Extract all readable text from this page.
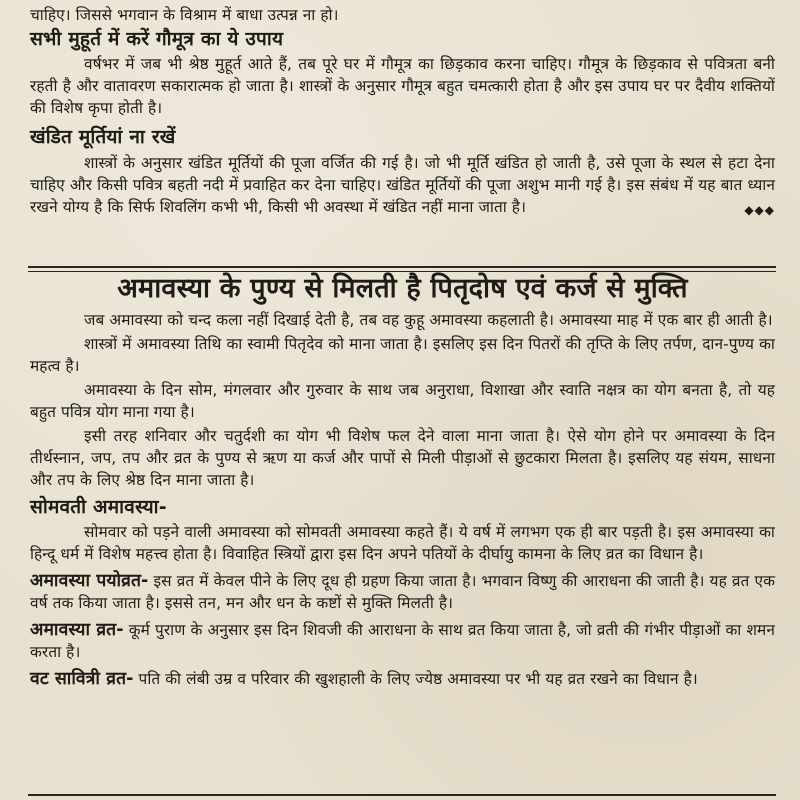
चाहिए। जिससे भगवान के विश्राम में बाधा उत्पन्न ना हो।

सभी मुहूर्त में करें गौमूत्र का ये उपाय

वर्षभर में जब भी श्रेष्ठ मुहूर्त आते हैं, तब पूरे घर में गौमूत्र का छिड़काव करना चाहिए। गौमूत्र के छिड़काव से पवित्रता बनी रहती है और वातावरण सकारात्मक हो जाता है। शास्त्रों के अनुसार गौमूत्र बहुत चमत्कारी होता है और इस उपाय घर पर दैवीय शक्तियों की विशेष कृपा होती है।

खंडित मूर्तियां ना रखें

शास्त्रों के अनुसार खंडित मूर्तियों की पूजा वर्जित की गई है। जो भी मूर्ति खंडित हो जाती है, उसे पूजा के स्थल से हटा देना चाहिए और किसी पवित्र बहती नदी में प्रवाहित कर देना चाहिए। खंडित मूर्तियों की पूजा अशुभ मानी गई है। इस संबंध में यह बात ध्यान रखने योग्य है कि सिर्फ शिवलिंग कभी भी, किसी भी अवस्था में खंडित नहीं माना जाता है।	◆◆◆

अमावस्या के पुण्य से मिलती है पितृदोष एवं कर्ज से मुक्ति

जब अमावस्या को चन्द कला नहीं दिखाई देती है, तब वह कुहू अमावस्या कहलाती है। अमावस्या माह में एक बार ही आती है।

शास्त्रों में अमावस्या तिथि का स्वामी पितृदेव को माना जाता है। इसलिए इस दिन पितरों की तृप्ति के लिए तर्पण, दान-पुण्य का महत्व है।

अमावस्या के दिन सोम, मंगलवार और गुरुवार के साथ जब अनुराधा, विशाखा और स्वाति नक्षत्र का योग बनता है, तो यह बहुत पवित्र योग माना गया है।

इसी तरह शनिवार और चतुर्दशी का योग भी विशेष फल देने वाला माना जाता है। ऐसे योग होने पर अमावस्या के दिन तीर्थस्नान, जप, तप और व्रत के पुण्य से ऋण या कर्ज और पापों से मिली पीड़ाओं से छुटकारा मिलता है। इसलिए यह संयम, साधना और तप के लिए श्रेष्ठ दिन माना जाता है।

सोमवती अमावस्या-

सोमवार को पड़ने वाली अमावस्या को सोमवती अमावस्या कहते हैं। ये वर्ष में लगभग एक ही बार पड़ती है। इस अमावस्या का हिन्दू धर्म में विशेष महत्त्व होता है। विवाहित स्त्रियों द्वारा इस दिन अपने पतियों के दीर्घायु कामना के लिए व्रत का विधान है।

अमावस्या पयोव्रत- इस व्रत में केवल पीने के लिए दूध ही ग्रहण किया जाता है। भगवान विष्णु की आराधना की जाती है। यह व्रत एक वर्ष तक किया जाता है। इससे तन, मन और धन के कष्टों से मुक्ति मिलती है।

अमावस्या व्रत- कूर्म पुराण के अनुसार इस दिन शिवजी की आराधना के साथ व्रत किया जाता है, जो व्रती की गंभीर पीड़ाओं का शमन करता है।

वट सावित्री व्रत- पति की लंबी उम्र व परिवार की खुशहाली के लिए ज्येष्ठ अमावस्या पर भी यह व्रत रखने का विधान है।
